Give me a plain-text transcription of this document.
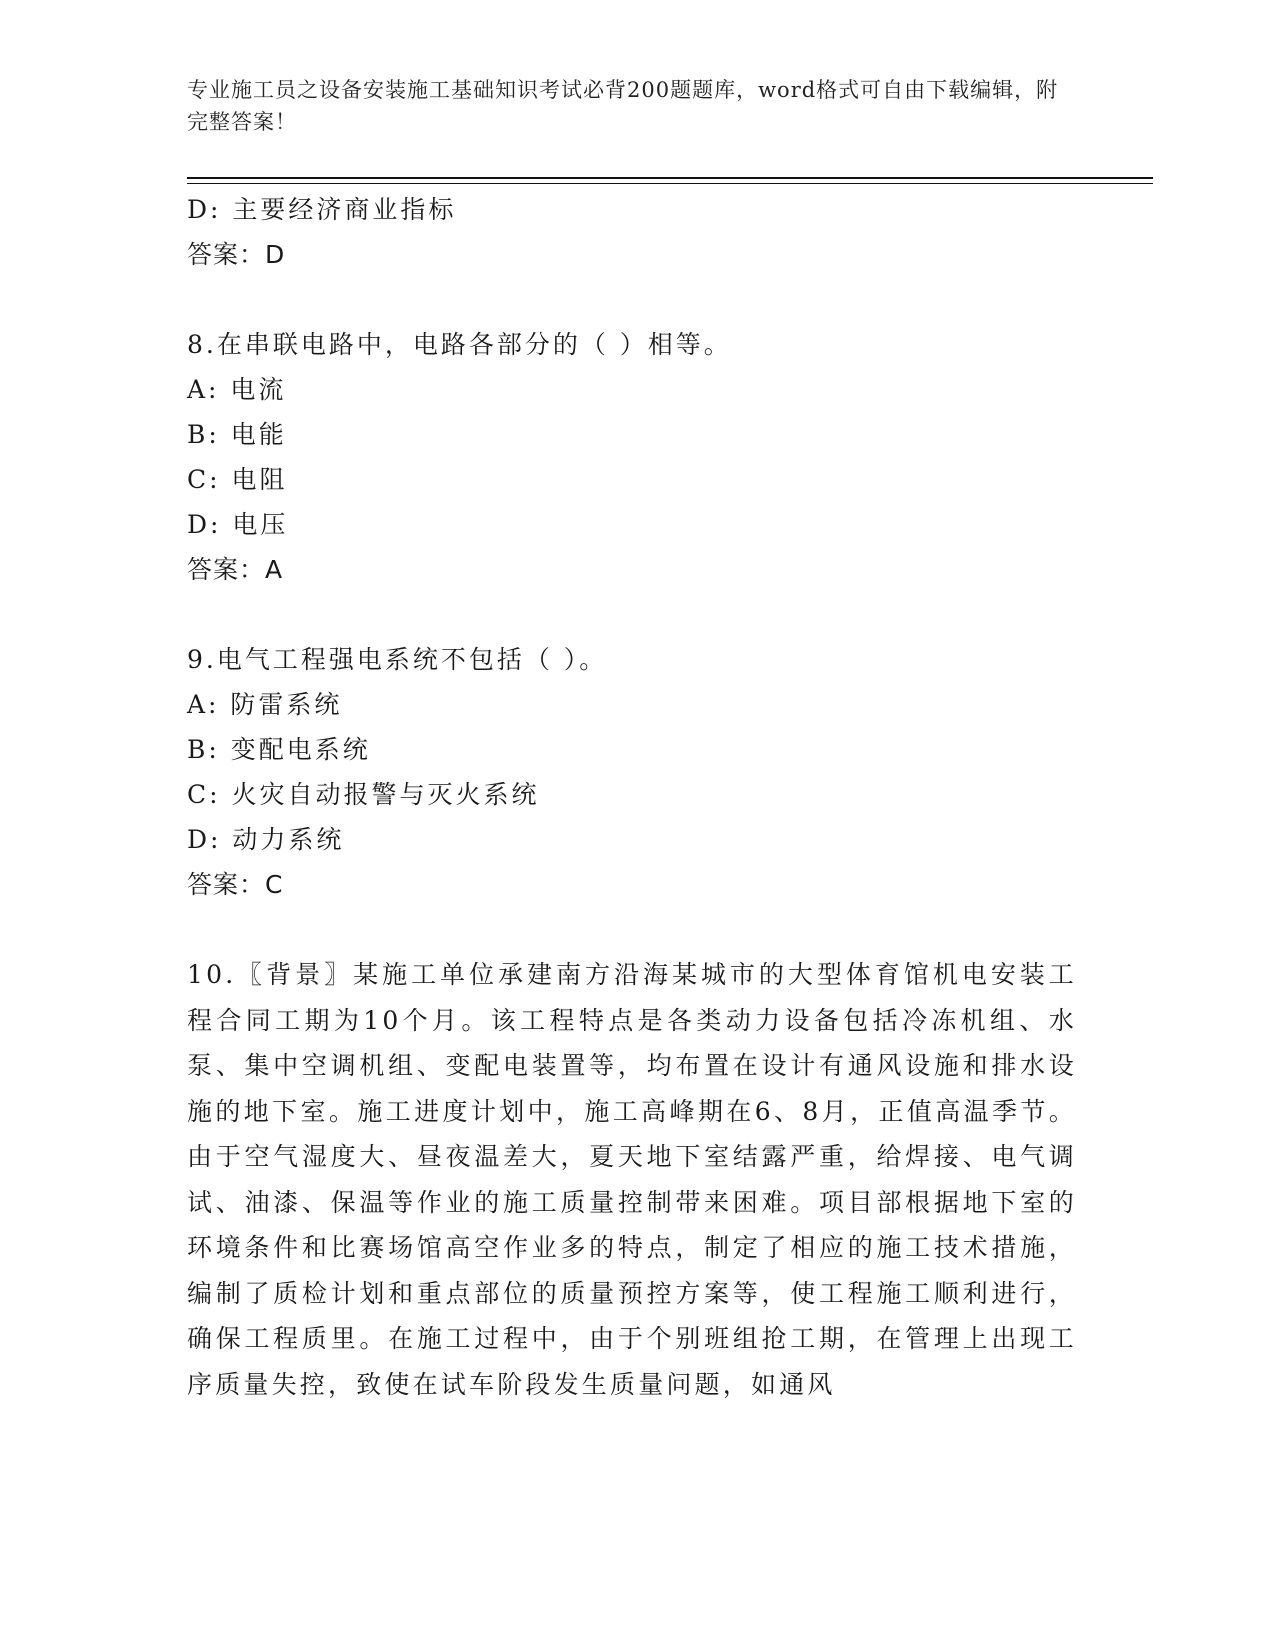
专业施工员之设备安装施工基础知识考试必背200题题库，word格式可自由下载编辑，附完整答案！
D: 主要经济商业指标
答案：D
8.在串联电路中，电路各部分的（ ）相等。
A: 电流
B: 电能
C: 电阻
D: 电压
答案：A
9.电气工程强电系统不包括（ ）。
A: 防雷系统
B: 变配电系统
C: 火灾自动报警与灭火系统
D: 动力系统
答案：C
10.〖背景〗某施工单位承建南方沿海某城市的大型体育馆机电安装工程合同工期为10个月。该工程特点是各类动力设备包括冷冻机组、水泵、集中空调机组、变配电装置等，均布置在设计有通风设施和排水设施的地下室。施工进度计划中，施工高峰期在6、8月，正值高温季节。由于空气湿度大、昼夜温差大，夏天地下室结露严重，给焊接、电气调试、油漆、保温等作业的施工质量控制带来困难。项目部根据地下室的环境条件和比赛场馆高空作业多的特点，制定了相应的施工技术措施，编制了质检计划和重点部位的质量预控方案等，使工程施工顺利进行，确保工程质里。在施工过程中，由于个别班组抢工期，在管理上出现工序质量失控，致使在试车阶段发生质量问题，如通风
